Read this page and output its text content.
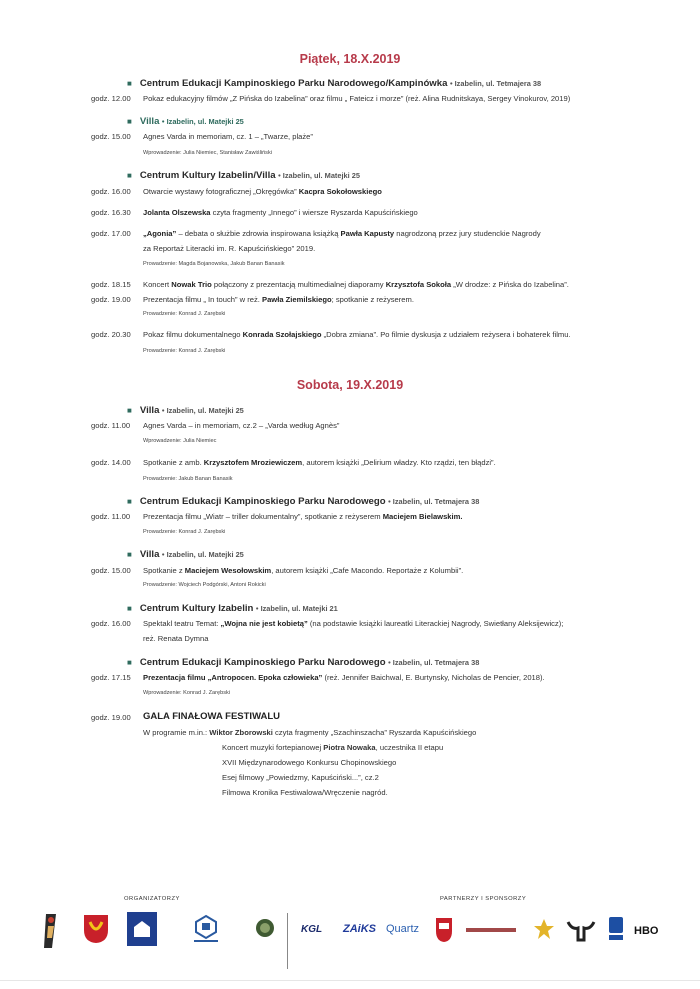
Piątek, 18.X.2019
■ Centrum Edukacji Kampinoskiego Parku Narodowego/Kampinówka • Izabelin, ul. Tetmajera 38
godz. 12.00 Pokaz edukacyjny filmów „Z Pińska do Izabelina” oraz filmu „ Fateicz i morze” (reż. Alina Rudnitskaya, Sergey Vinokurov, 2019)
■ Villa • Izabelin, ul. Matejki 25
godz. 15.00 Agnes Varda in memoriam, cz. 1 – „Twarze, plaże”
Wprowadzenie: Julia Niemiec, Stanisław Zawiśliński
■ Centrum Kultury Izabelin/Villa • Izabelin, ul. Matejki 25
godz. 16.00 Otwarcie wystawy fotograficznej „Okręgówka” Kacpra Sokołowskiego
godz. 16.30 Jolanta Olszewska czyta fragmenty „Innego” i wiersze Ryszarda Kapuścińskiego
godz. 17.00 „Agonia” – debata o służbie zdrowia inspirowana książką Pawła Kapusty nagrodzoną przez jury studenckie Nagrody
za Reportaż Literacki im. R. Kapuścińskiego” 2019.
Prowadzenie: Magda Bojanowska, Jakub Banan Banasik
godz. 18.15 Koncert Nowak Trio połączony z prezentacją multimedialnej diaporamy Krzysztofa Sokoła „W drodze: z Pińska do Izabelina”.
godz. 19.00 Prezentacja filmu „ In touch” w reż. Pawła Ziemilskiego; spotkanie z reżyserem.
Prowadzenie: Konrad J. Zarębski
godz. 20.30 Pokaz filmu dokumentalnego Konrada Szołajskiego „Dobra zmiana”. Po filmie dyskusja z udziałem reżysera i bohaterek filmu.
Prowadzenie: Konrad J. Zarębski
Sobota, 19.X.2019
■ Villa • Izabelin, ul. Matejki 25
godz. 11.00 Agnes Varda – in memoriam, cz.2 – „Varda według Agnès”
Wprowadzenie: Julia Niemiec
godz. 14.00 Spotkanie z amb. Krzysztofem Mroziewiczem, autorem książki „Delirium władzy. Kto rządzi, ten błądzi”.
Prowadzenie: Jakub Banan Banasik
■ Centrum Edukacji Kampinoskiego Parku Narodowego • Izabelin, ul. Tetmajera 38
godz. 11.00 Prezentacja filmu „Wiatr – triller dokumentalny”, spotkanie z reżyserem Maciejem Bielawskim.
Prowadzenie: Konrad J. Zarębski
■ Villa • Izabelin, ul. Matejki 25
godz. 15.00 Spotkanie z Maciejem Wesołowskim, autorem książki „Cafe Macondo. Reportaże z Kolumbii”.
Prowadzenie: Wojciech Podgórski, Antoni Rokicki
■ Centrum Kultury Izabelin • Izabelin, ul. Matejki 21
godz. 16.00 Spektakl teatru Temat: „Wojna nie jest kobietą” (na podstawie książki laureatki Literackiej Nagrody, Swietłany Aleksijewicz);
reż. Renata Dymna
■ Centrum Edukacji Kampinoskiego Parku Narodowego • Izabelin, ul. Tetmajera 38
godz. 17.15 Prezentacja filmu „Antropocen. Epoka człowieka” (reż. Jennifer Baichwal, E. Burtynsky, Nicholas de Pencier, 2018).
Wprowadzenie: Konrad J. Zarębski
godz. 19.00 GALA FINAŁOWA FESTIWALU
W programie m.in.: Wiktor Zborowski czyta fragmenty „Szachinszacha” Ryszarda Kapuścińskiego
Koncert muzyki fortepianowej Piotra Nowaka, uczestnika II etapu
XVII Międzynarodowego Konkursu Chopinowskiego
Esej filmowy „Powiedzmy, Kapuściński...”, cz.2
Filmowa Kronika Festiwalowa/Wręczenie nagród.
ORGANIZATORZY	PARTNERZY I SPONSORZY
KGL ZAiKS Quartz	HBO
